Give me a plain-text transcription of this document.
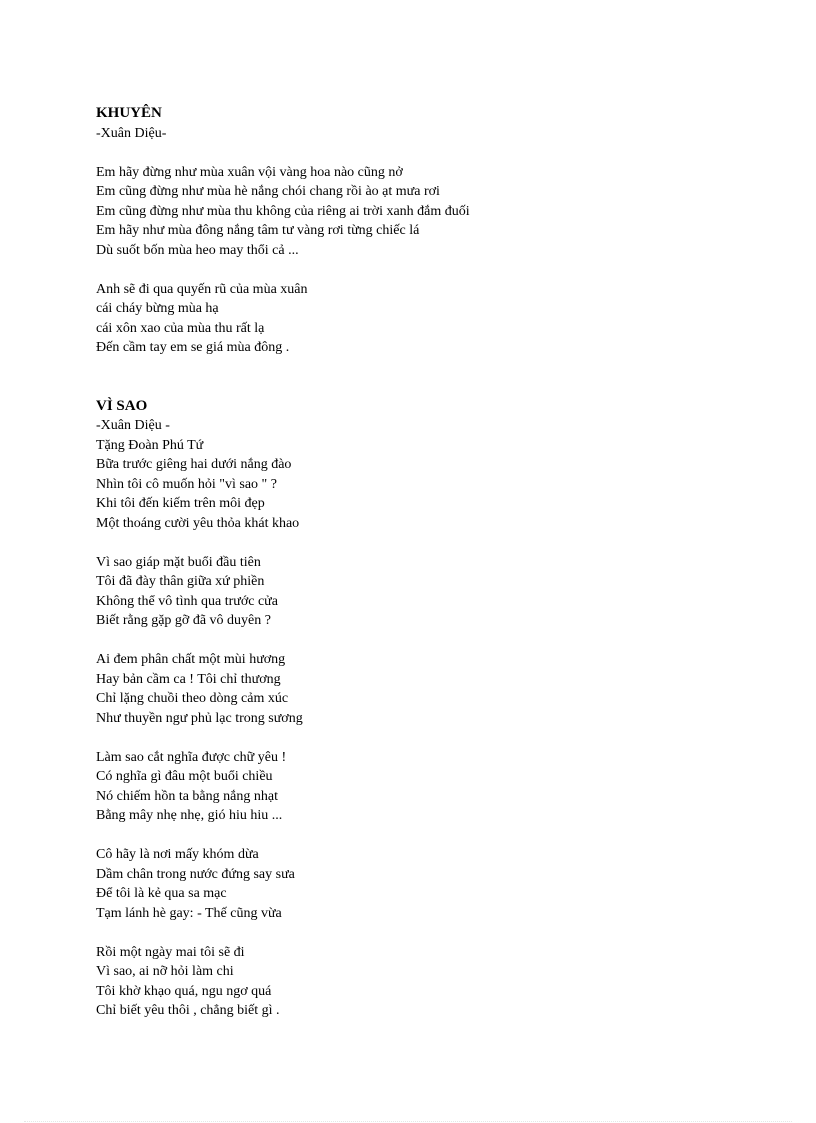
KHUYÊN
-Xuân Diệu-
Em hãy đừng như mùa xuân vội vàng hoa nào cũng nở
Em cũng đừng như mùa hè nắng chói chang rồi ào ạt mưa rơi
Em cũng đừng như mùa thu không của riêng ai trời xanh đắm đuối
Em hãy như mùa đông nắng tâm tư vàng rơi từng chiếc lá
Dù suốt bốn mùa heo may thổi cả ...
Anh sẽ đi qua quyến rũ của mùa xuân
cái cháy bừng mùa hạ
cái xôn xao của mùa thu rất lạ
Đến cầm tay em se giá mùa đông .
VÌ SAO
-Xuân Diệu -
Tặng Đoàn Phú Tứ
Bữa trước giêng hai dưới nắng đào
Nhìn tôi cô muốn hỏi "vì sao " ?
Khi tôi đến kiếm trên môi đẹp
Một thoáng cười yêu thỏa khát khao
Vì sao giáp mặt buổi đầu tiên
Tôi đã đày thân giữa xứ phiền
Không thể vô tình qua trước cửa
Biết rằng gặp gỡ đã vô duyên ?
Ai đem phân chất một mùi hương
Hay bản cầm ca ! Tôi chỉ thương
Chỉ lặng chuồi theo dòng cảm xúc
Như thuyền ngư phủ lạc trong sương
Làm sao cắt nghĩa được chữ yêu !
Có nghĩa gì đâu một buổi chiều
Nó chiếm hồn ta bằng nắng nhạt
Bằng mây nhẹ nhẹ, gió hiu hiu ...
Cô hãy là nơi mấy khóm dừa
Dầm chân trong nước đứng say sưa
Để tôi là kẻ qua sa mạc
Tạm lánh hè gay: - Thế cũng vừa
Rồi một ngày mai tôi sẽ đi
Vì sao, ai nỡ hỏi làm chi
Tôi khờ khạo quá, ngu ngơ quá
Chỉ biết yêu thôi , chẳng biết gì .
